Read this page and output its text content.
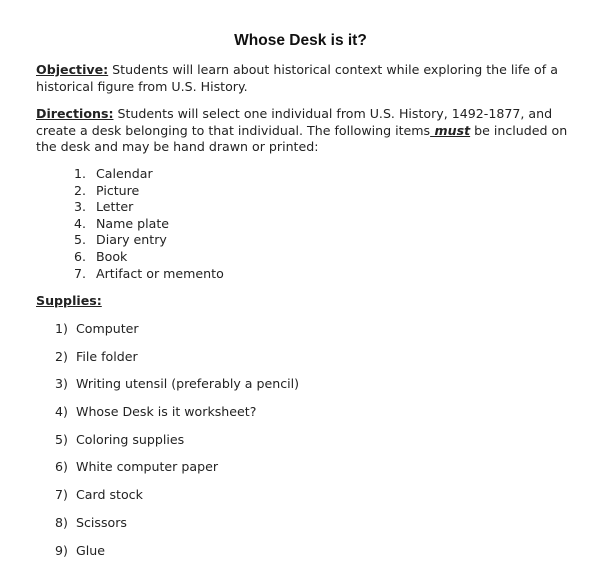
Whose Desk is it?
Objective: Students will learn about historical context while exploring the life of a historical figure from U.S. History.
Directions: Students will select one individual from U.S. History, 1492-1877, and create a desk belonging to that individual. The following items must be included on the desk and may be hand drawn or printed:
1. Calendar
2. Picture
3. Letter
4. Name plate
5. Diary entry
6. Book
7. Artifact or memento
Supplies:
1) Computer
2) File folder
3) Writing utensil (preferably a pencil)
4) Whose Desk is it worksheet?
5) Coloring supplies
6) White computer paper
7) Card stock
8) Scissors
9) Glue
